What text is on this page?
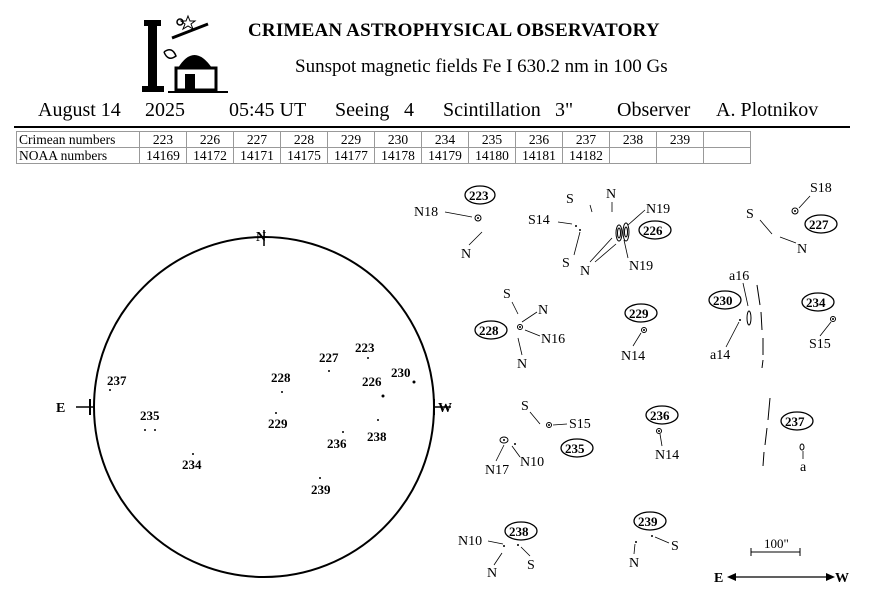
CRIMEAN ASTROPHYSICAL OBSERVATORY
Sunspot magnetic fields Fe I 630.2 nm in 100 Gs
August 14 2025 05:45 UT Seeing 4 Scintillation 3" Observer A. Plotnikov
Crimean numbers	223	226	227	228	229	230	234	235	236	237	238	239	
NOAA numbers	14169	14172	14171	14175	14177	14178	14179	14180	14181	14182			
N
E	W
237
235
234
228
229
227
223
226
230
236 238
239
223
N18
N
226
S N
S14
N19
S
N	N19
227
S18
S
N
228
S
N
N16
N
229
N14
230
a16
a14
234
S15
235
S
S15
N17
N10
236
N14
237
a
238
N10
N
S
239
S
N
100"
E	W
